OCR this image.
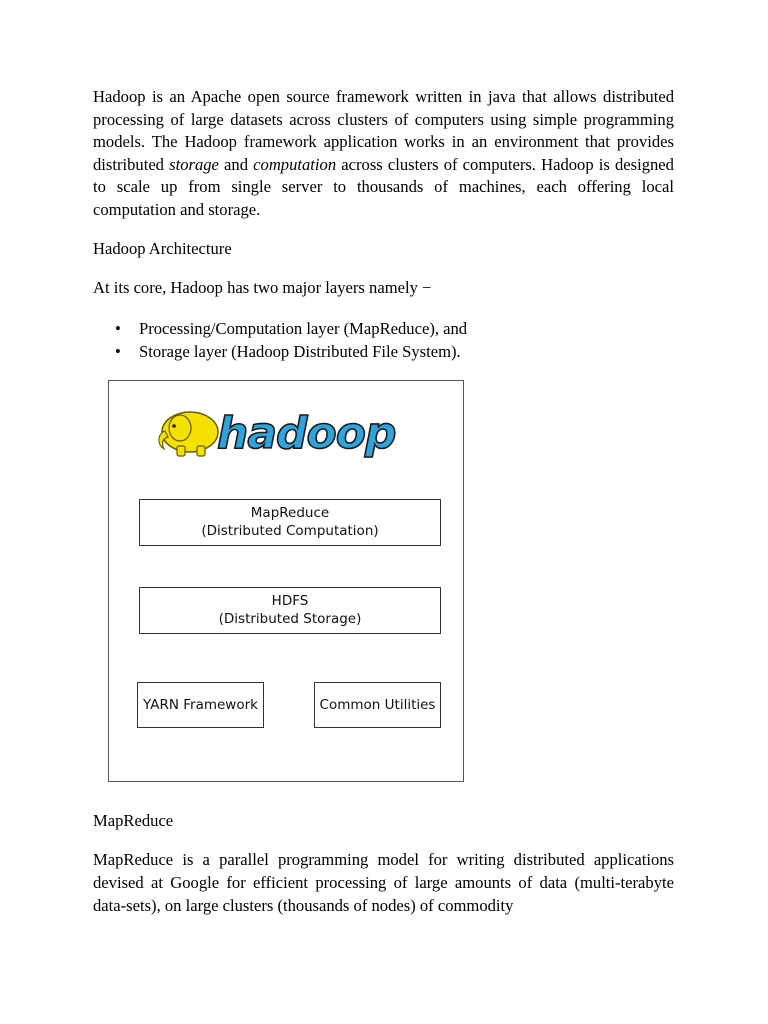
Hadoop is an Apache open source framework written in java that allows distributed processing of large datasets across clusters of computers using simple programming models. The Hadoop framework application works in an environment that provides distributed storage and computation across clusters of computers. Hadoop is designed to scale up from single server to thousands of machines, each offering local computation and storage.

Hadoop Architecture

At its core, Hadoop has two major layers namely −

• Processing/Computation layer (MapReduce), and
• Storage layer (Hadoop Distributed File System).
hadoop
MapReduce
(Distributed Computation)
HDFS
(Distributed Storage)
YARN Framework	Common Utilities

MapReduce

MapReduce is a parallel programming model for writing distributed applications devised at Google for efficient processing of large amounts of data (multi-terabyte data-sets), on large clusters (thousands of nodes) of commodity
